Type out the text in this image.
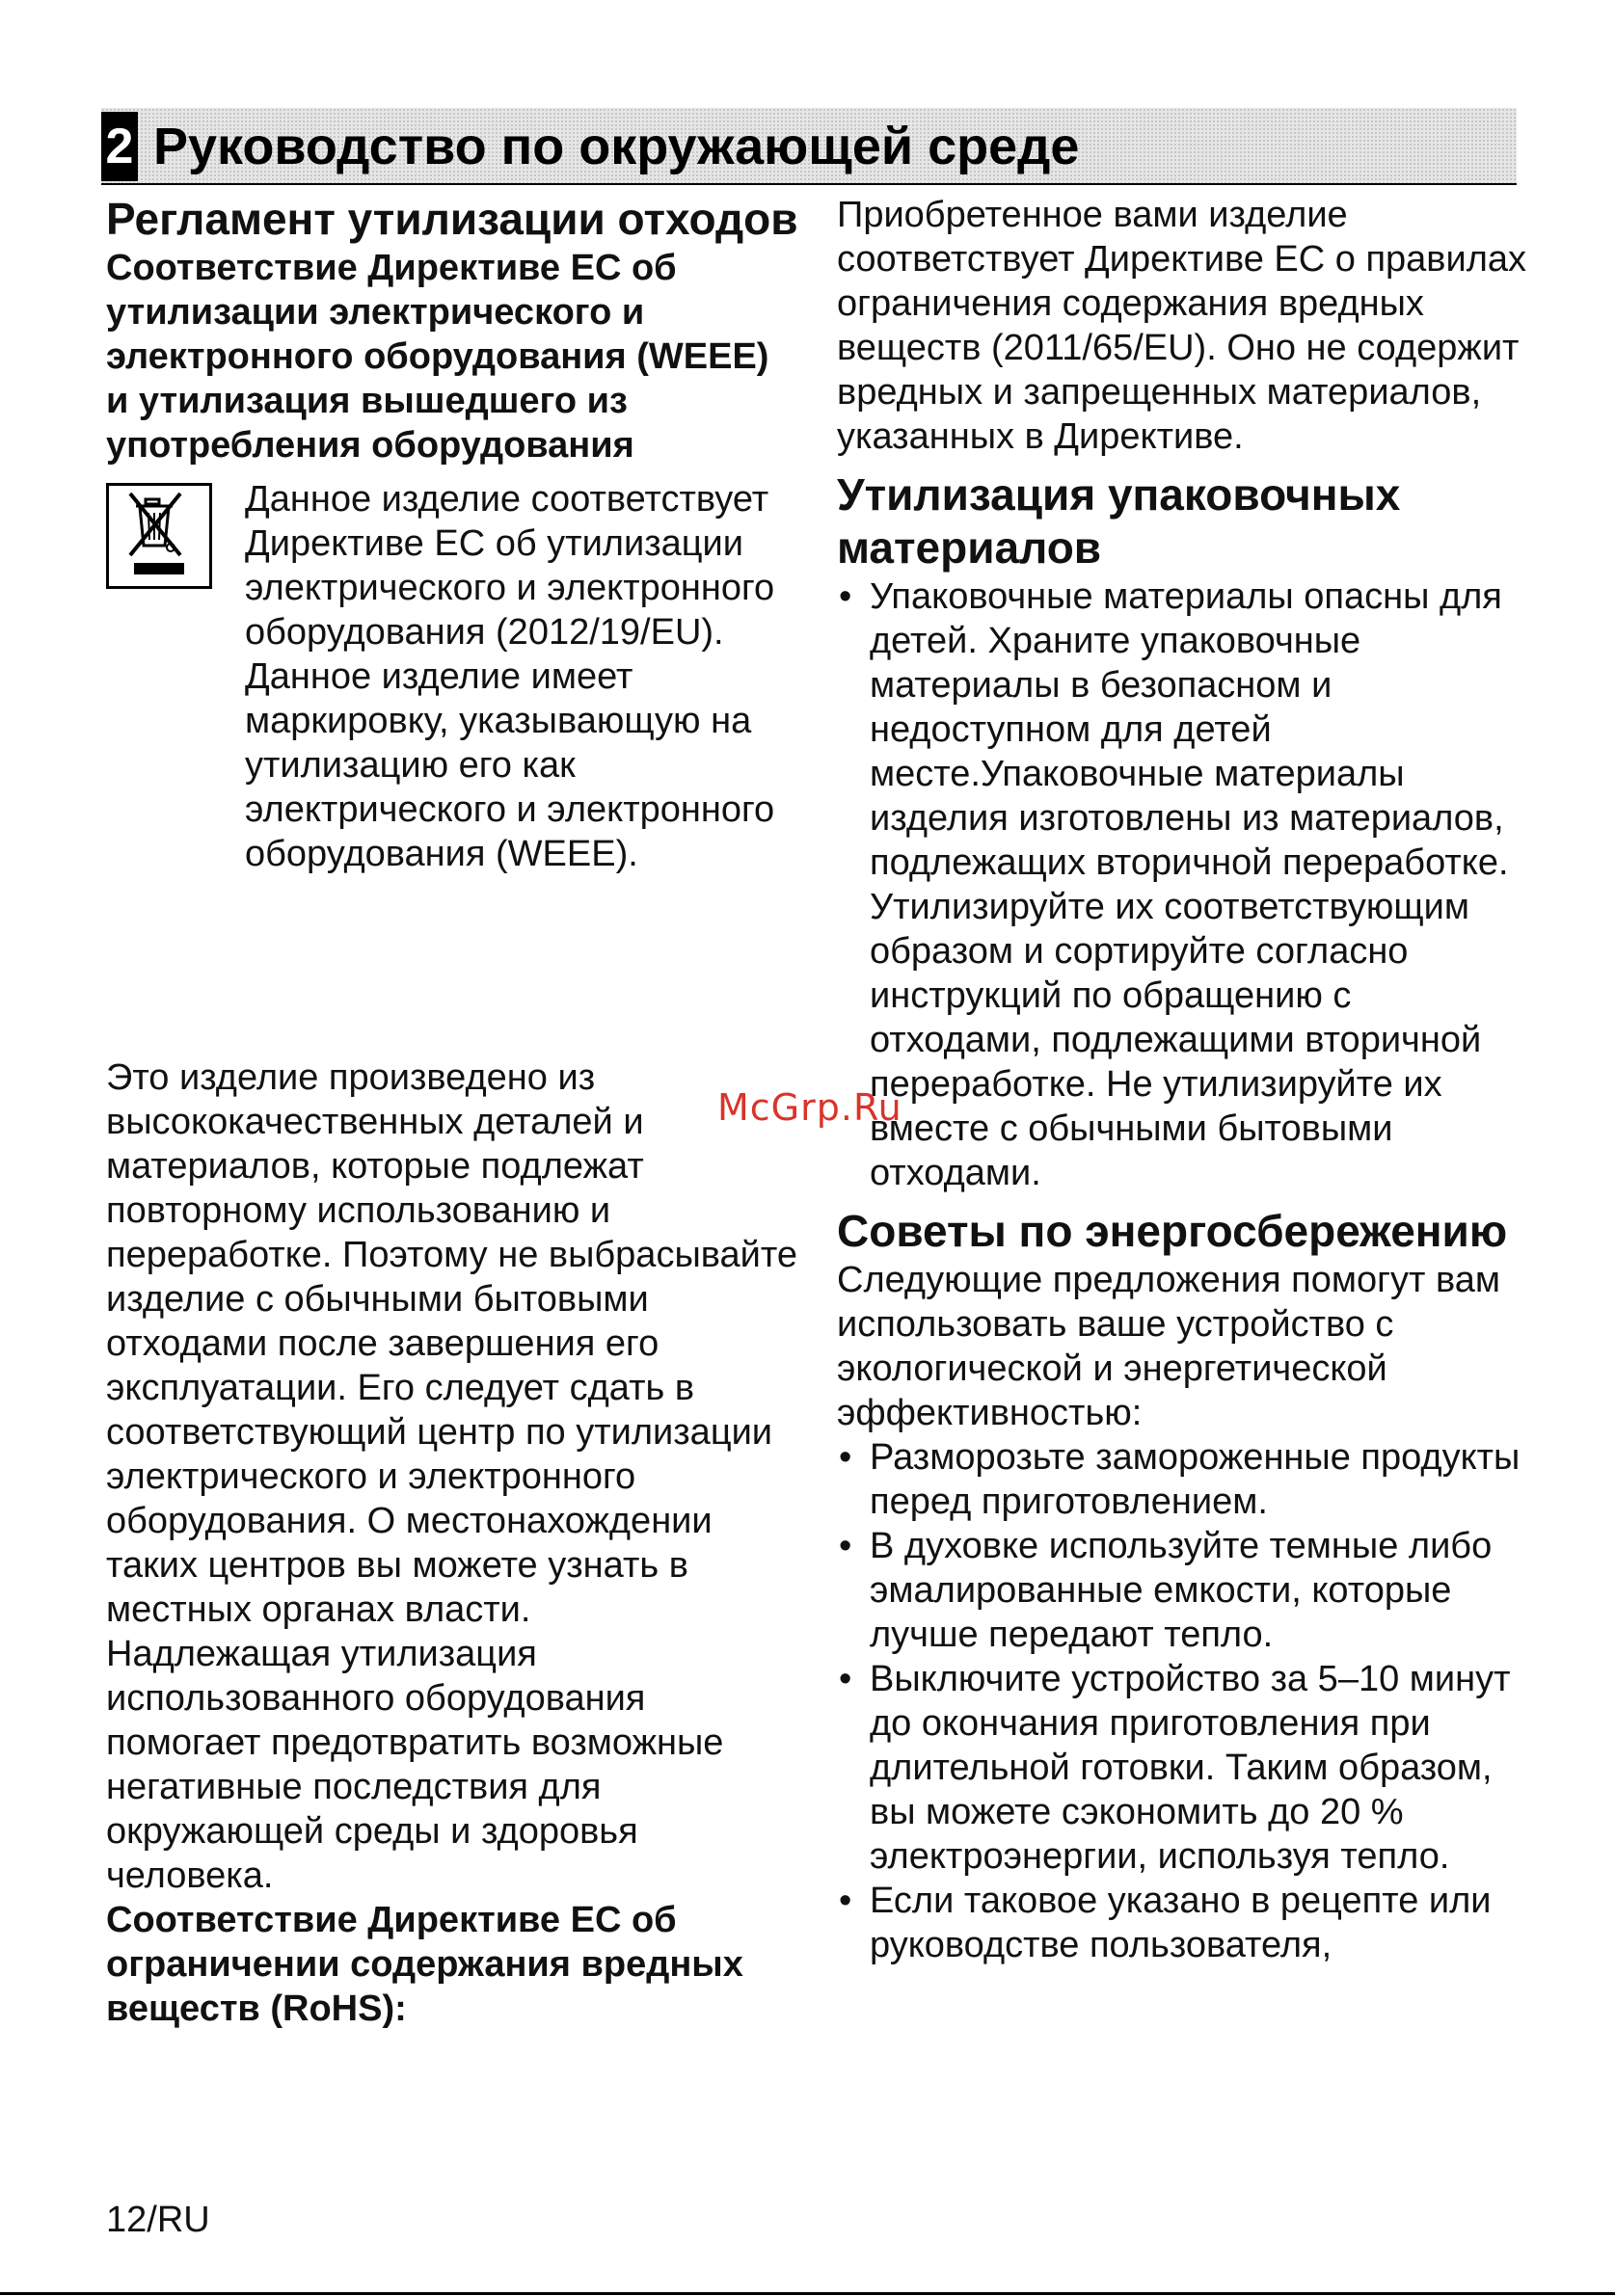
2 Руководство по окружающей среде
Регламент утилизации отходов
Соответствие Директиве ЕС об утилизации электрического и электронного оборудования (WEEE) и утилизация вышедшего из употребления оборудования

Данное изделие соответствует Директиве ЕС об утилизации электрического и электронного оборудования (2012/19/EU). Данное изделие имеет маркировку, указывающую на утилизацию его как электрического и электронного оборудования (WEEE).

Это изделие произведено из высококачественных деталей и материалов, которые подлежат повторному использованию и переработке. Поэтому не выбрасывайте изделие с обычными бытовыми отходами после завершения его эксплуатации. Его следует сдать в соответствующий центр по утилизации электрического и электронного оборудования. О местонахождении таких центров вы можете узнать в местных органах власти.

Надлежащая утилизация использованного оборудования помогает предотвратить возможные негативные последствия для окружающей среды и здоровья человека.

Соответствие Директиве ЕС об ограничении содержания вредных веществ (RoHS):

Приобретенное вами изделие соответствует Директиве ЕС о правилах ограничения содержания вредных веществ (2011/65/EU). Оно не содержит вредных и запрещенных материалов, указанных в Директиве.

Утилизация упаковочных материалов
• Упаковочные материалы опасны для детей. Храните упаковочные материалы в безопасном и недоступном для детей месте.Упаковочные материалы изделия изготовлены из материалов, подлежащих вторичной переработке. Утилизируйте их соответствующим образом и сортируйте согласно инструкций по обращению с отходами, подлежащими вторичной переработке. Не утилизируйте их вместе с обычными бытовыми отходами.
Советы по энергосбережению

Следующие предложения помогут вам использовать ваше устройство с экологической и энергетической эффективностью:

• Разморозьте замороженные продукты перед приготовлением.
• В духовке используйте темные либо эмалированные емкости, которые лучше передают тепло.
• Выключите устройство за 5–10 минут до окончания приготовления при длительной готовки. Таким образом, вы можете сэкономить до 20 % электроэнергии, используя тепло.
• Если таковое указано в рецепте или руководстве пользователя,
McGrp.Ru
12/RU
